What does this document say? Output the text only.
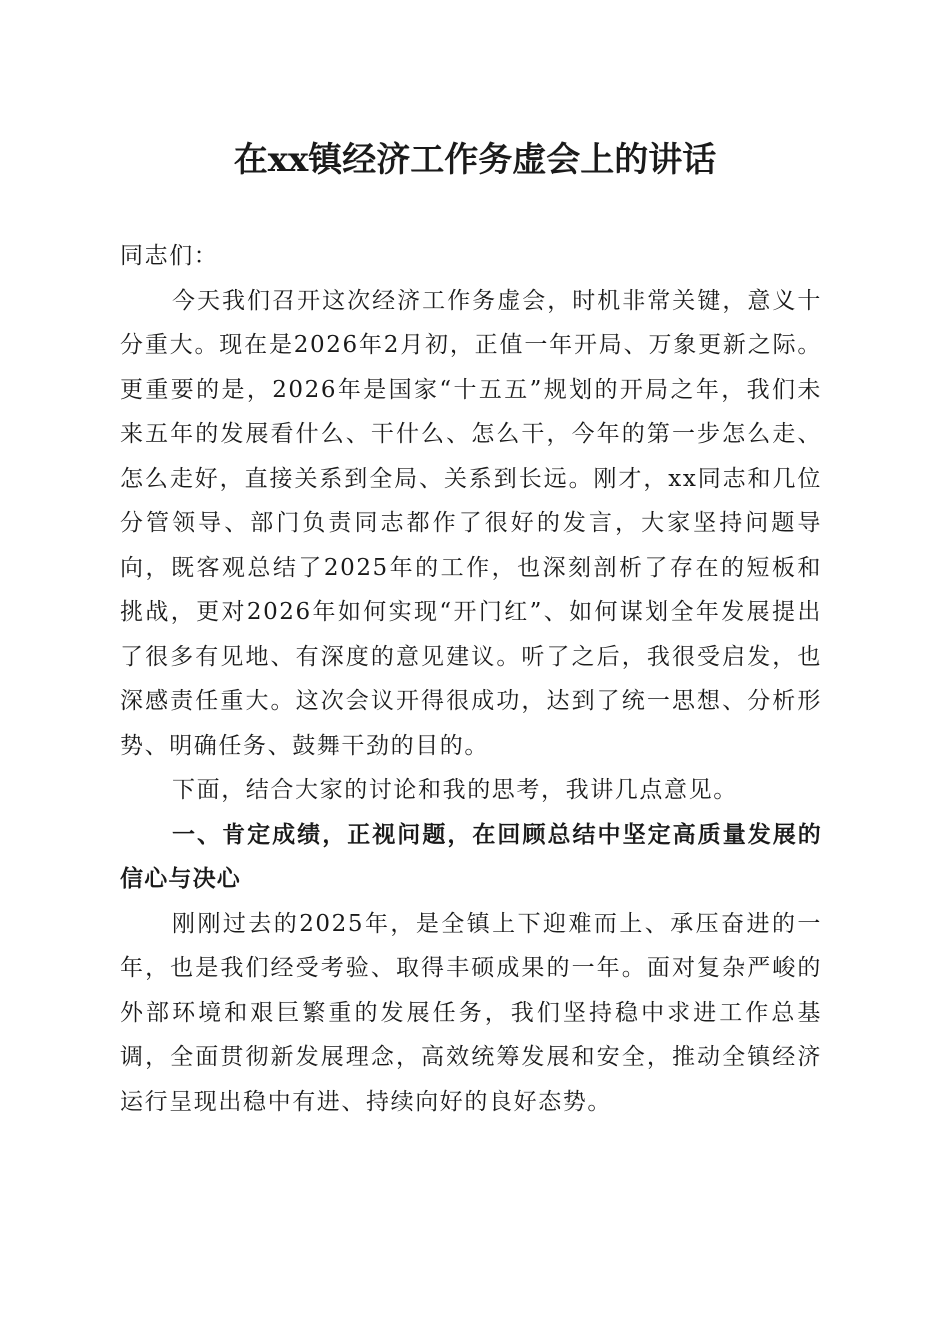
在xx镇经济工作务虚会上的讲话

同志们：

今天我们召开这次经济工作务虚会，时机非常关键，意义十分重大。现在是2026年2月初，正值一年开局、万象更新之际。更重要的是，2026年是国家“十五五”规划的开局之年，我们未来五年的发展看什么、干什么、怎么干，今年的第一步怎么走、怎么走好，直接关系到全局、关系到长远。刚才，xx同志和几位分管领导、部门负责同志都作了很好的发言，大家坚持问题导向，既客观总结了2025年的工作，也深刻剖析了存在的短板和挑战，更对2026年如何实现“开门红”、如何谋划全年发展提出了很多有见地、有深度的意见建议。听了之后，我很受启发，也深感责任重大。这次会议开得很成功，达到了统一思想、分析形势、明确任务、鼓舞干劲的目的。

下面，结合大家的讨论和我的思考，我讲几点意见。

一、肯定成绩，正视问题，在回顾总结中坚定高质量发展的信心与决心

刚刚过去的2025年，是全镇上下迎难而上、承压奋进的一年，也是我们经受考验、取得丰硕成果的一年。面对复杂严峻的外部环境和艰巨繁重的发展任务，我们坚持稳中求进工作总基调，全面贯彻新发展理念，高效统筹发展和安全，推动全镇经济运行呈现出稳中有进、持续向好的良好态势。
